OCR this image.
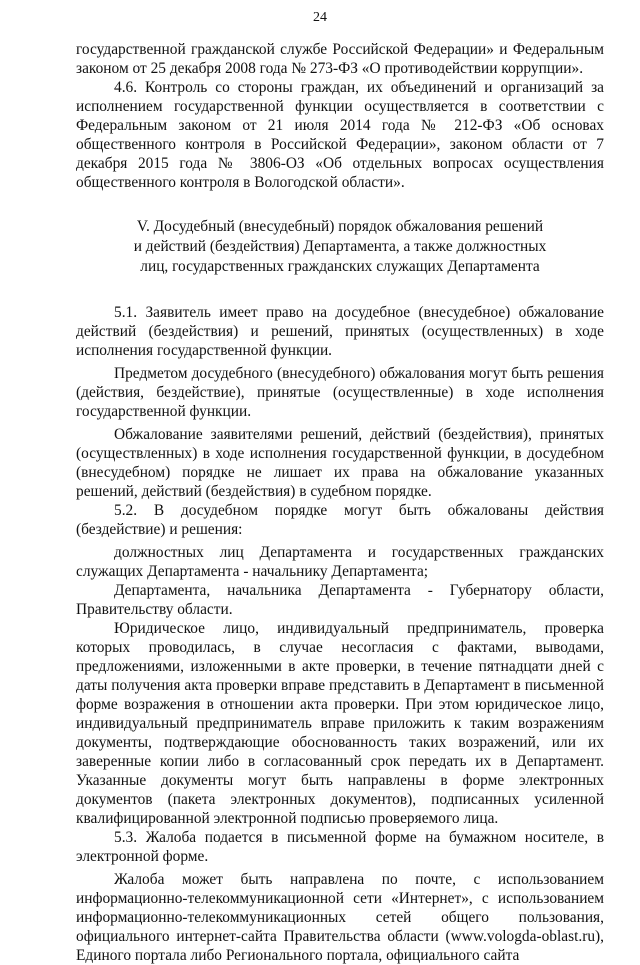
24

государственной гражданской службе Российской Федерации» и Федеральным законом от 25 декабря 2008 года № 273-ФЗ «О противодействии коррупции».

4.6. Контроль со стороны граждан, их объединений и организаций за исполнением государственной функции осуществляется в соответствии с Федеральным законом от 21 июля 2014 года № 212-ФЗ «Об основах общественного контроля в Российской Федерации», законом области от 7 декабря 2015 года № 3806-ОЗ «Об отдельных вопросах осуществления общественного контроля в Вологодской области».

V. Досудебный (внесудебный) порядок обжалования решений
и действий (бездействия) Департамента, а также должностных
лиц, государственных гражданских служащих Департамента

5.1. Заявитель имеет право на досудебное (внесудебное) обжалование действий (бездействия) и решений, принятых (осуществленных) в ходе исполнения государственной функции.

Предметом досудебного (внесудебного) обжалования могут быть решения (действия, бездействие), принятые (осуществленные) в ходе исполнения государственной функции.

Обжалование заявителями решений, действий (бездействия), принятых (осуществленных) в ходе исполнения государственной функции, в досудебном (внесудебном) порядке не лишает их права на обжалование указанных решений, действий (бездействия) в судебном порядке.

5.2. В досудебном порядке могут быть обжалованы действия (бездействие) и решения:

должностных лиц Департамента и государственных гражданских служащих Департамента - начальнику Департамента;

Департамента, начальника Департамента - Губернатору области, Правительству области.

Юридическое лицо, индивидуальный предприниматель, проверка которых проводилась, в случае несогласия с фактами, выводами, предложениями, изложенными в акте проверки, в течение пятнадцати дней с даты получения акта проверки вправе представить в Департамент в письменной форме возражения в отношении акта проверки. При этом юридическое лицо, индивидуальный предприниматель вправе приложить к таким возражениям документы, подтверждающие обоснованность таких возражений, или их заверенные копии либо в согласованный срок передать их в Департамент. Указанные документы могут быть направлены в форме электронных документов (пакета электронных документов), подписанных усиленной квалифицированной электронной подписью проверяемого лица.

5.3. Жалоба подается в письменной форме на бумажном носителе, в электронной форме.

Жалоба может быть направлена по почте, с использованием информационно-телекоммуникационной сети «Интернет», с использованием информационно-телекоммуникационных сетей общего пользования, официального интернет-сайта Правительства области (www.vologda-oblast.ru), Единого портала либо Регионального портала, официального сайта
